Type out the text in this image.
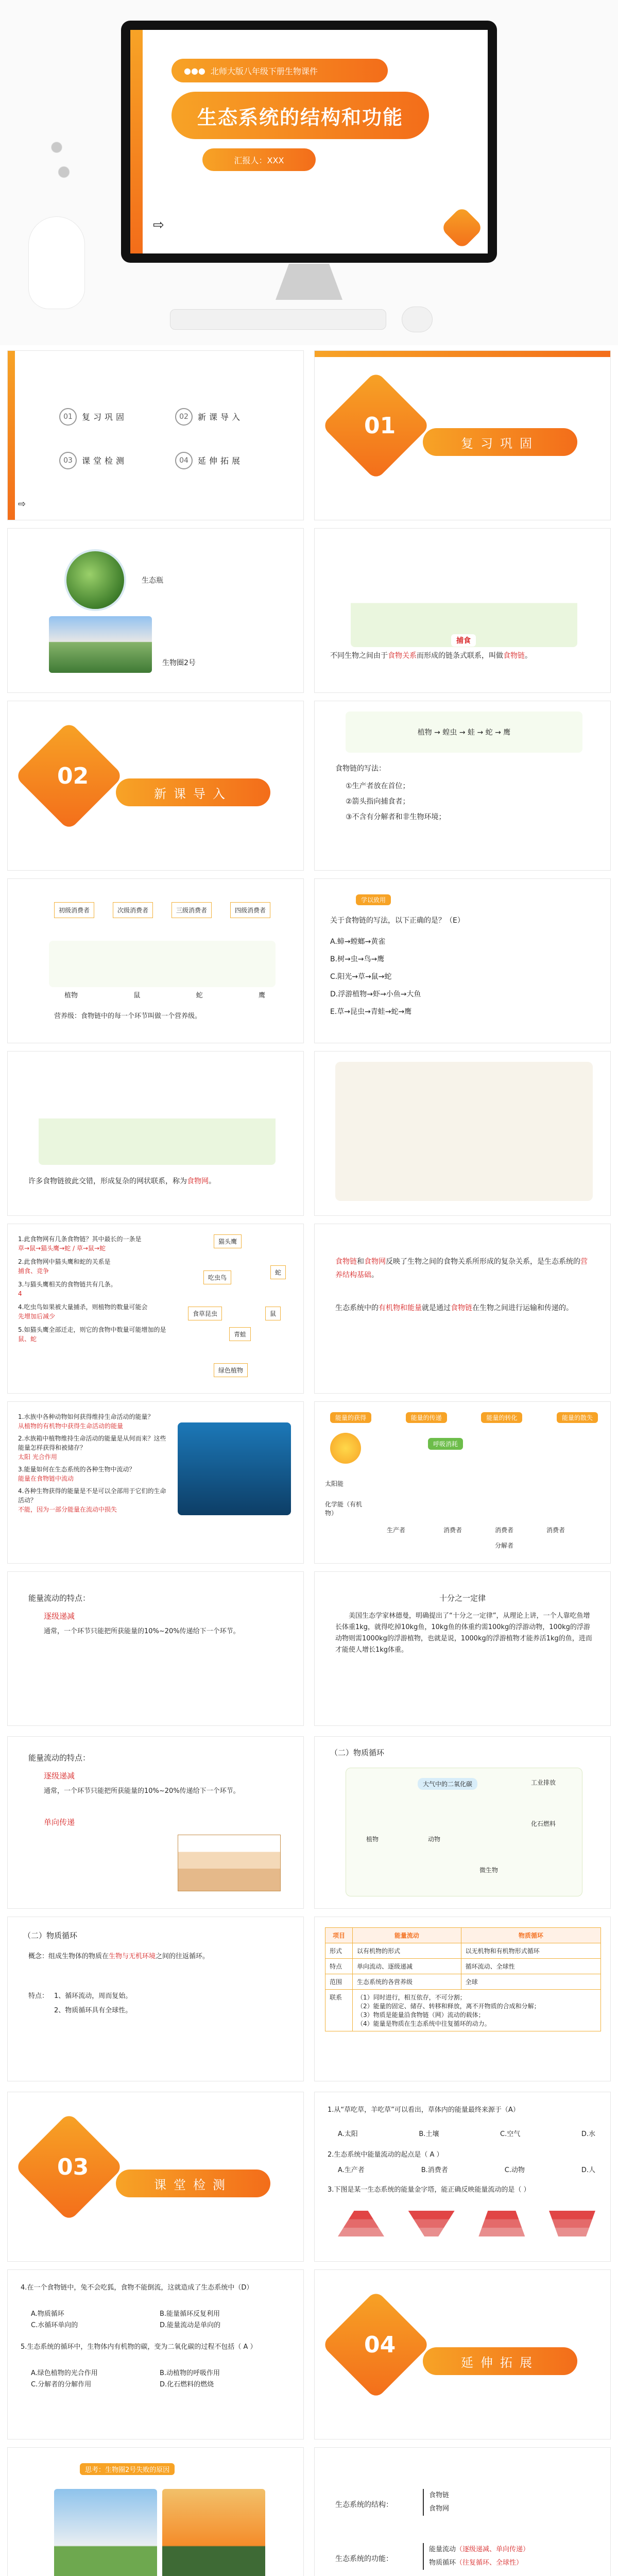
●●● 北师大版八年级下册生物课件
生态系统的结构和功能
汇报人：XXX
⇨
01	复习巩固	02	新课导入
03	课堂检测	04	延伸拓展
⇨
01
复习巩固
生态瓶
生物圈2号
捕食
不同生物之间由于食物关系而形成的链条式联系，叫做食物链。
02
新课导入
植物 → 蝗虫 → 蛙 → 蛇 → 鹰
食物链的写法：
①生产者放在首位；
②箭头指向捕食者；
③不含有分解者和非生物环境；
初级消费者	次级消费者	三级消费者	四级消费者
植物	鼠	蛇	鹰
营养级：食物链中的每一个环节叫做一个营养级。
学以致用
关于食物链的写法，以下正确的是？（E）
A.蟑→螳螂→黄雀
B.树→虫→鸟→鹰
C.阳光→草→鼠→蛇
D.浮游植物→虾→小鱼→大鱼
E.草→昆虫→青蛙→蛇→鹰
许多食物链彼此交错，形成复杂的网状联系，称为食物网。
1.此食物网有几条食物链？其中最长的一条是
草→鼠→猫头鹰→蛇 / 草→鼠→蛇
2.此食物网中猫头鹰和蛇的关系是
捕食、竞争
3.与猫头鹰相关的食物链共有几条。
4
4.吃虫鸟如果被大量捕杀，则植物的数量可能会
先增加后减少
5.如猫头鹰全部迁走，则它的食物中数量可能增加的是
鼠、蛇
猫头鹰
蛇
吃虫鸟
鼠
食草昆虫
青蛙
绿色植物
食物链和食物网反映了生物之间的食物关系所形成的复杂关系，是生态系统的营养结构基础。
生态系统中的有机物和能量就是通过食物链在生物之间进行运输和传递的。
1.水族中各种动物如何获得维持生命活动的能量？
从植物的有机物中获得生命活动的能量
2.水族箱中植物维持生命活动的能量是从何而来？这些能量怎样获得和被储存？
太阳 光合作用
3.能量如何在生态系统的各种生物中流动？
能量在食物链中流动
4.各种生物获得的能量是不是可以全部用于它们的生命活动？
不能，因为一部分能量在流动中损失
能量的获得	能量的传递	能量的转化	能量的散失
呼吸消耗
太阳能
化学能（有机物）
生产者	消费者	消费者	消费者
分解者
能量流动的特点：
逐级递减
通常，一个环节只能把所获能量的10%~20%传递给下一个环节。
十分之一定律
美国生态学家林德曼，明确提出了“十分之一定律”，从理论上讲，一个人靠吃鱼增长体重1kg，就得吃掉10kg鱼，10kg鱼的体重约需100kg的浮游动物，100kg的浮游动物则需1000kg的浮游植物，也就是说，1000kg的浮游植物才能养活1kg的鱼，进而才能使人增长1kg体重。
能量流动的特点：
逐级递减
通常，一个环节只能把所获能量的10%~20%传递给下一个环节。
单向传递
（二）物质循环
大气中的二氧化碳
植物	动物
微生物
工业排放
化石燃料
（二）物质循环
概念：组成生物体的物质在生物与无机环境之间的往返循环。
特点： 1、循环流动，周而复始。
2、物质循环具有全球性。
项目	能量流动	物质循环
形式	以有机物的形式	以无机物和有机物形式循环
特点	单向流动、逐级递减	循环流动、全球性
范围	生态系统的各营养级	全球
联系	（1）同时进行，相互依存，不可分割；
（2）能量的固定、储存、转移和释放，离不开物质的合成和分解；
（3）物质是能量沿食物链（网）流动的载体；
（4）能量是物质在生态系统中往复循环的动力。	
03
课堂检测
1.从“草吃草，羊吃草”可以看出，草体内的能量最终来源于（A）
A.太阳	B.土壤	C.空气	D.水
2.生态系统中能量流动的起点是（ A ）
A.生产者	B.消费者	C.动物	D.人
3.下图是某一生态系统的能量金字塔，能正确反映能量流动的是（ ）
4.在一个食物链中，兔不会吃狐，食物不能倒流，这就造成了生态系统中（D）
A.物质循环	B.能量循环反复利用
C.水循环单向的	D.能量流动是单向的
5.生态系统的循环中，生物体内有机物的碳，变为二氧化碳的过程不包括（ A ）
A.绿色植物的光合作用	B.动植物的呼吸作用
C.分解者的分解作用	D.化石燃料的燃烧
04
延伸拓展
思考：生物圈2号失败的原因
生态系统的结构：
食物链
食物网
生态系统的功能：
能量流动（逐级递减、单向传递）
物质循环（往复循环、全球性）
